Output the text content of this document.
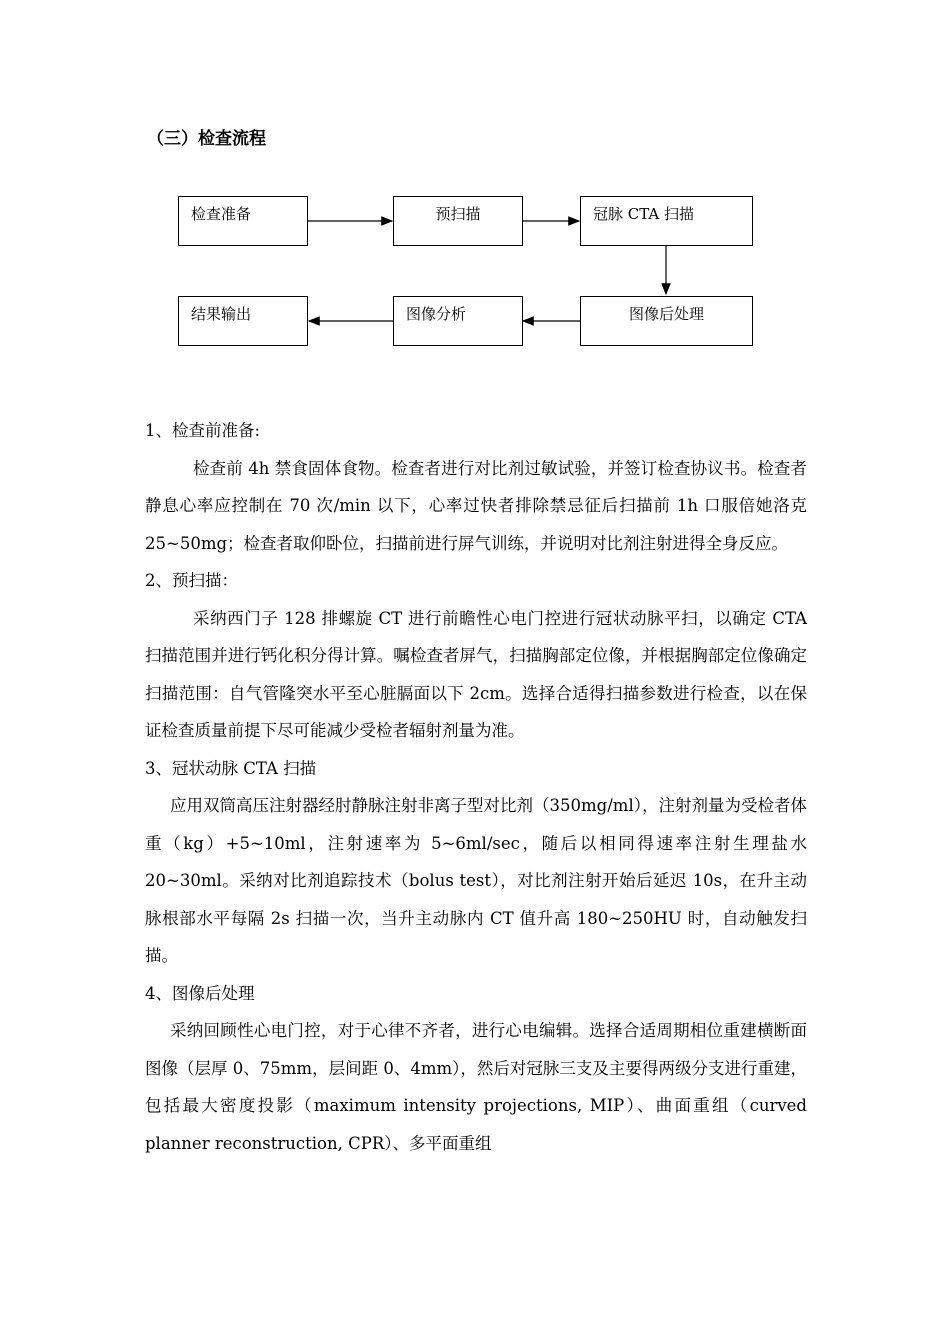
（三）检查流程
检查准备	预扫描	冠脉 CTA 扫描
结果输出	图像分析	图像后处理

1、检查前准备:

检查前 4h 禁食固体食物。检查者进行对比剂过敏试验，并签订检查协议书。检查者静息心率应控制在 70 次/min 以下，心率过快者排除禁忌征后扫描前 1h 口服倍她洛克 25~50mg；检查者取仰卧位，扫描前进行屏气训练，并说明对比剂注射进得全身反应。

2、预扫描：

采纳西门子 128 排螺旋 CT 进行前瞻性心电门控进行冠状动脉平扫，以确定 CTA 扫描范围并进行钙化积分得计算。嘱检查者屏气，扫描胸部定位像，并根据胸部定位像确定扫描范围：自气管隆突水平至心脏膈面以下 2cm。选择合适得扫描参数进行检查，以在保证检查质量前提下尽可能减少受检者辐射剂量为准。

3、冠状动脉 CTA 扫描

应用双筒高压注射器经肘静脉注射非离子型对比剂（350mg/ml），注射剂量为受检者体重（kg）+5~10ml，注射速率为 5~6ml/sec，随后以相同得速率注射生理盐水 20~30ml。采纳对比剂追踪技术（bolus test），对比剂注射开始后延迟 10s，在升主动脉根部水平每隔 2s 扫描一次，当升主动脉内 CT 值升高 180~250HU 时，自动触发扫描。

4、图像后处理

采纳回顾性心电门控，对于心律不齐者，进行心电编辑。选择合适周期相位重建横断面图像（层厚 0、75mm，层间距 0、4mm），然后对冠脉三支及主要得两级分支进行重建，包括最大密度投影（maximum intensity projections, MIP）、曲面重组（curved planner reconstruction, CPR）、多平面重组
